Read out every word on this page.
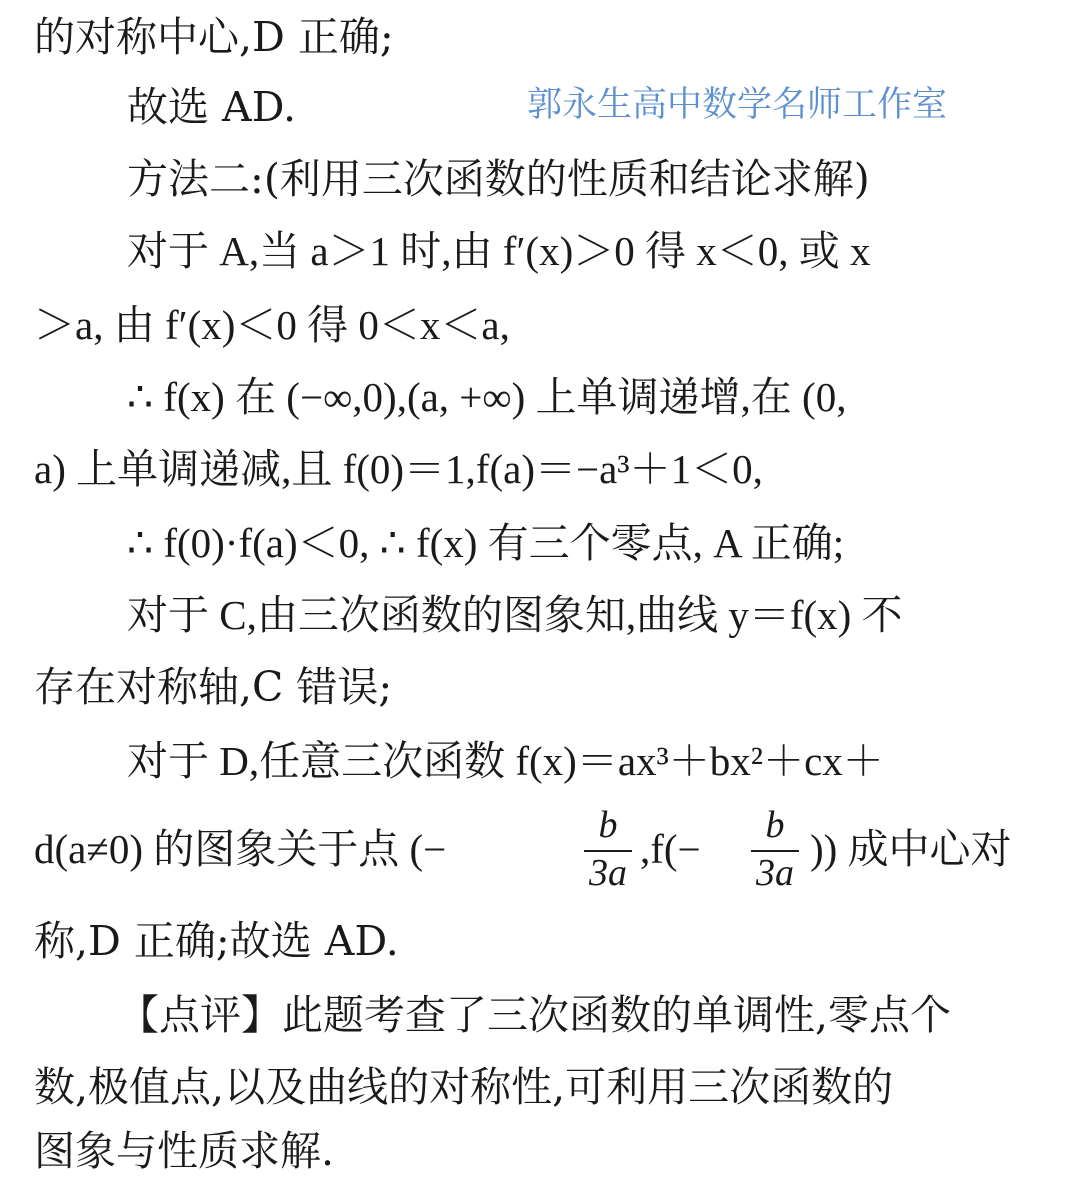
的对称中心,D 正确;
故选 AD.	郭永生高中数学名师工作室
方法二:(利用三次函数的性质和结论求解)
对于 A,当 a＞1 时,由 f′(x)＞0 得 x＜0, 或 x
＞a, 由 f′(x)＜0 得 0＜x＜a,
∴ f(x) 在 (−∞,0),(a, +∞) 上单调递增,在 (0,
a) 上单调递减,且 f(0)＝1,f(a)＝−a³＋1＜0,
∴ f(0)·f(a)＜0, ∴ f(x) 有三个零点, A 正确;
对于 C,由三次函数的图象知,曲线 y＝f(x) 不
存在对称轴,C 错误;
对于 D,任意三次函数 f(x)＝ax³＋bx²＋cx＋
d(a≠0) 的图象关于点 (−	,f(−	)) 成中心对
b
3a
b
3a
称,D 正确;故选 AD.
【点评】此题考查了三次函数的单调性,零点个
数,极值点,以及曲线的对称性,可利用三次函数的
图象与性质求解.
